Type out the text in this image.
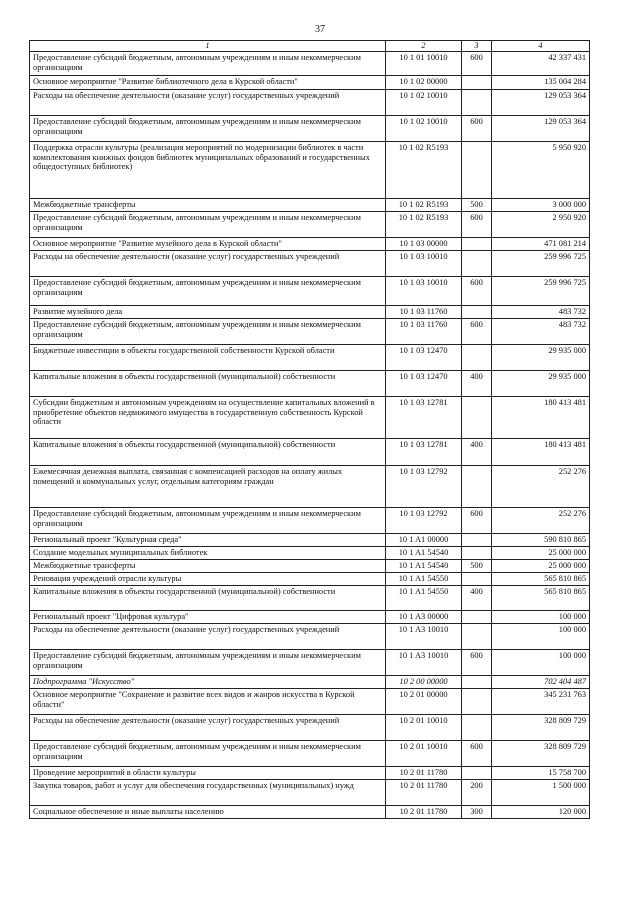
37
1	2	3	4
Предоставление субсидий бюджетным, автономным учреждениям и иным некоммерческим организациям	10 1 01 10010	600	42 337 431
Основное мероприятие "Развитие библиотечного дела в Курской области"	10 1 02 00000		135 004 284
Расходы на обеспечение деятельности (оказание услуг) государственных учреждений	10 1 02 10010		129 053 364
Предоставление субсидий бюджетным, автономным учреждениям и иным некоммерческим организациям	10 1 02 10010	600	129 053 364
Поддержка отрасли культуры (реализация мероприятий по модернизации библиотек в части комплектования книжных фондов библиотек муниципальных образований и государственных общедоступных библиотек)	10 1 02 R5193		5 950 920
Межбюджетные трансферты	10 1 02 R5193	500	3 000 000
Предоставление субсидий бюджетным, автономным учреждениям и иным некоммерческим организациям	10 1 02 R5193	600	2 950 920
Основное мероприятие "Развитие музейного дела в Курской области"	10 1 03 00000		471 081 214
Расходы на обеспечение деятельности (оказание услуг) государственных учреждений	10 1 03 10010		259 996 725
Предоставление субсидий бюджетным, автономным учреждениям и иным некоммерческим организациям	10 1 03 10010	600	259 996 725
Развитие музейного дела	10 1 03 11760		483 732
Предоставление субсидий бюджетным, автономным учреждениям и иным некоммерческим организациям	10 1 03 11760	600	483 732
Бюджетные инвестиции в объекты государственной собственности Курской области	10 1 03 12470		29 935 000
Капитальные вложения в объекты государственной (муниципальной) собственности	10 1 03 12470	400	29 935 000
Субсидии бюджетным и автономным учреждениям на осуществление капитальных вложений в приобретение объектов недвижимого имущества в государственную собственность Курской области	10 1 03 12781		180 413 481
Капитальные вложения в объекты государственной (муниципальной) собственности	10 1 03 12781	400	180 413 481
Ежемесячная денежная выплата, связанная с компенсацией расходов на оплату жилых помещений и коммунальных услуг, отдельным категориям граждан	10 1 03 12792		252 276
Предоставление субсидий бюджетным, автономным учреждениям и иным некоммерческим организациям	10 1 03 12792	600	252 276
Региональный проект "Культурная среда"	10 1 A1 00000		590 810 865
Создание модельных муниципальных библиотек	10 1 A1 54540		25 000 000
Межбюджетные трансферты	10 1 A1 54540	500	25 000 000
Реновация учреждений отрасли культуры	10 1 A1 54550		565 810 865
Капитальные вложения в объекты государственной (муниципальной) собственности	10 1 A1 54550	400	565 810 865
Региональный проект "Цифровая культура"	10 1 A3 00000		100 000
Расходы на обеспечение деятельности (оказание услуг) государственных учреждений	10 1 A3 10010		100 000
Предоставление субсидий бюджетным, автономным учреждениям и иным некоммерческим организациям	10 1 A3 10010	600	100 000
Подпрограмма "Искусство"	10 2 00 00000		702 404 487
Основное мероприятие "Сохранение и развитие всех видов и жанров искусства в Курской области"	10 2 01 00000		345 231 763
Расходы на обеспечение деятельности (оказание услуг) государственных учреждений	10 2 01 10010		328 809 729
Предоставление субсидий бюджетным, автономным учреждениям и иным некоммерческим организациям	10 2 01 10010	600	328 809 729
Проведение мероприятий в области культуры	10 2 01 11780		15 758 700
Закупка товаров, работ и услуг для обеспечения государственных (муниципальных) нужд	10 2 01 11780	200	1 500 000
Социальное обеспечение и иные выплаты населению	10 2 01 11780	300	120 000
